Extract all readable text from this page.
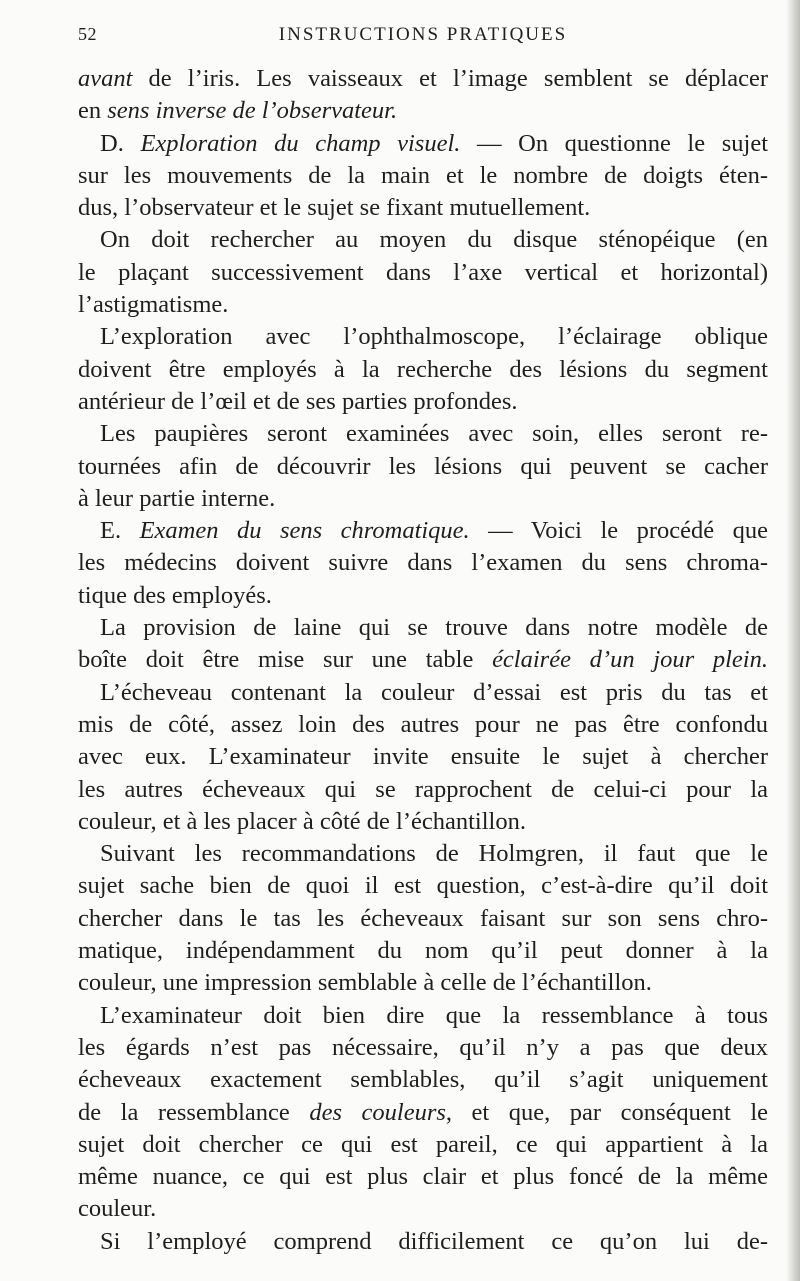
52	INSTRUCTIONS PRATIQUES
avant de l’iris. Les vaisseaux et l’image semblent se déplacer
en sens inverse de l’observateur.
D. Exploration du champ visuel. — On questionne le sujet
sur les mouvements de la main et le nombre de doigts éten-
dus, l’observateur et le sujet se fixant mutuellement.
On doit rechercher au moyen du disque sténopéique (en
le plaçant successivement dans l’axe vertical et horizontal)
l’astigmatisme.
L’exploration avec l’ophthalmoscope, l’éclairage oblique
doivent être employés à la recherche des lésions du segment
antérieur de l’œil et de ses parties profondes.
Les paupières seront examinées avec soin, elles seront re-
tournées afin de découvrir les lésions qui peuvent se cacher
à leur partie interne.
E. Examen du sens chromatique. — Voici le procédé que
les médecins doivent suivre dans l’examen du sens chroma-
tique des employés.
La provision de laine qui se trouve dans notre modèle de
boîte doit être mise sur une table éclairée d’un jour plein.
L’écheveau contenant la couleur d’essai est pris du tas et
mis de côté, assez loin des autres pour ne pas être confondu
avec eux. L’examinateur invite ensuite le sujet à chercher
les autres écheveaux qui se rapprochent de celui-ci pour la
couleur, et à les placer à côté de l’échantillon.
Suivant les recommandations de Holmgren, il faut que le
sujet sache bien de quoi il est question, c’est-à-dire qu’il doit
chercher dans le tas les écheveaux faisant sur son sens chro-
matique, indépendamment du nom qu’il peut donner à la
couleur, une impression semblable à celle de l’échantillon.
L’examinateur doit bien dire que la ressemblance à tous
les égards n’est pas nécessaire, qu’il n’y a pas que deux
écheveaux exactement semblables, qu’il s’agit uniquement
de la ressemblance des couleurs, et que, par conséquent le
sujet doit chercher ce qui est pareil, ce qui appartient à la
même nuance, ce qui est plus clair et plus foncé de la même
couleur.
Si l’employé comprend difficilement ce qu’on lui de-
